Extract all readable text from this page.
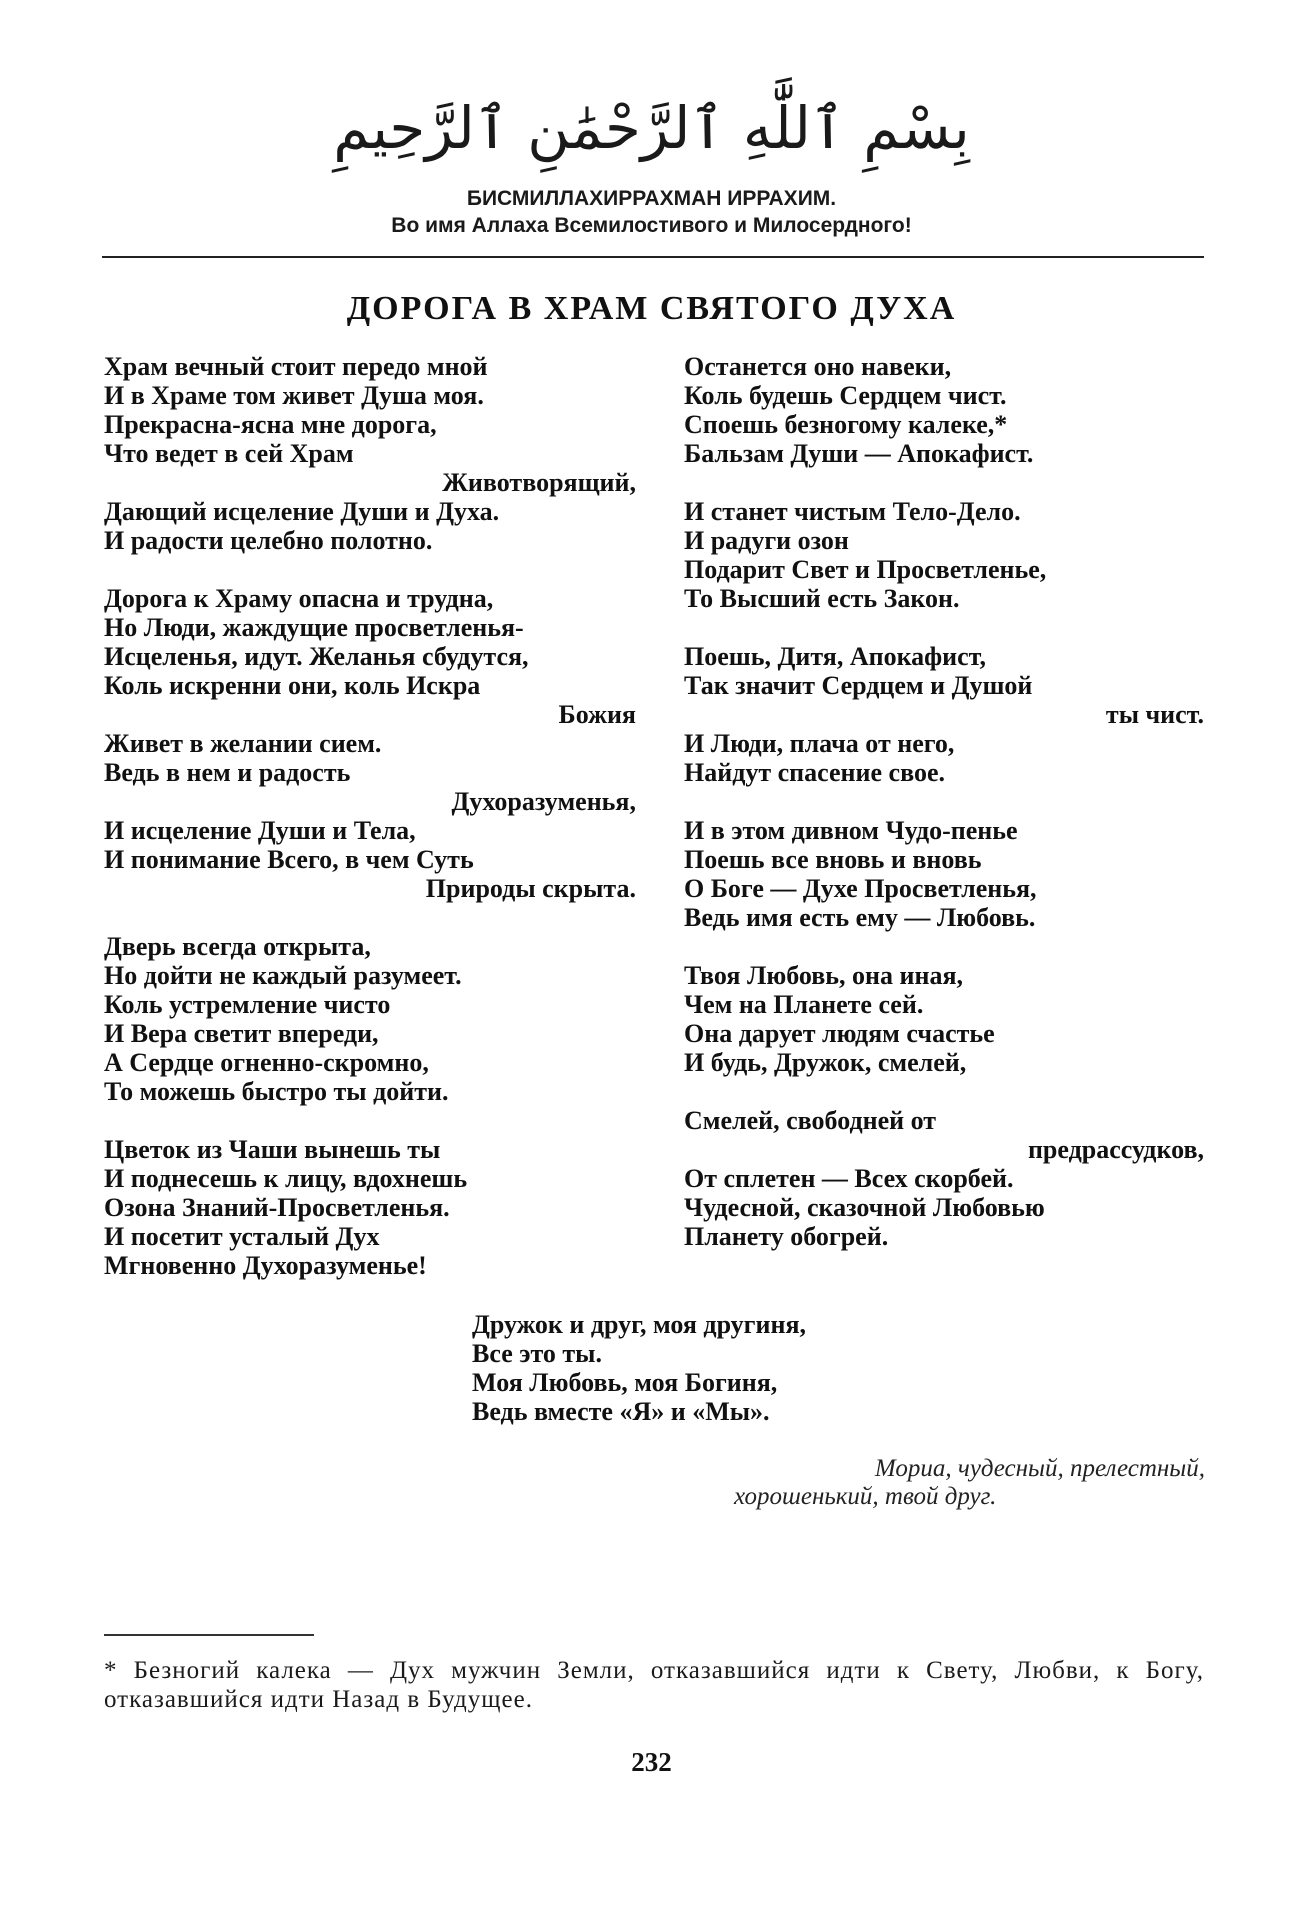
بِسْمِ ٱللَّٰهِ ٱلرَّحْمَٰنِ ٱلرَّحِيمِ
БИСМИЛЛАХИРРАХМАН ИРРАХИМ.
Во имя Аллаха Всемилостивого и Милосердного!
ДОРОГА В ХРАМ СВЯТОГО ДУХА
Храм вечный стоит передо мной
И в Храме том живет Душа моя.
Прекрасна-ясна мне дорога,
Что ведет в сей Храм
Животворящий,
Дающий исцеление Души и Духа.
И радости целебно полотно.
Дорога к Храму опасна и трудна,
Но Люди, жаждущие просветленья-
Исцеленья, идут. Желанья сбудутся,
Коль искренни они, коль Искра
Божия
Живет в желании сием.
Ведь в нем и радость
Духоразуменья,
И исцеление Души и Тела,
И понимание Всего, в чем Суть
Природы скрыта.
Дверь всегда открыта,
Но дойти не каждый разумеет.
Коль устремление чисто
И Вера светит впереди,
А Сердце огненно-скромно,
То можешь быстро ты дойти.
Цветок из Чаши вынешь ты
И поднесешь к лицу, вдохнешь
Озона Знаний-Просветленья.
И посетит усталый Дух
Мгновенно Духоразуменье!
Останется оно навеки,
Коль будешь Сердцем чист.
Споешь безногому калеке,*
Бальзам Души — Апокафист.
И станет чистым Тело-Дело.
И радуги озон
Подарит Свет и Просветленье,
То Высший есть Закон.
Поешь, Дитя, Апокафист,
Так значит Сердцем и Душой
ты чист.
И Люди, плача от него,
Найдут спасение свое.
И в этом дивном Чудо-пенье
Поешь все вновь и вновь
О Боге — Духе Просветленья,
Ведь имя есть ему — Любовь.
Твоя Любовь, она иная,
Чем на Планете сей.
Она дарует людям счастье
И будь, Дружок, смелей,
Смелей, свободней от
предрассудков,
От сплетен — Всех скорбей.
Чудесной, сказочной Любовью
Планету обогрей.
Дружок и друг, моя другиня,
Все это ты.
Моя Любовь, моя Богиня,
Ведь вместе «Я» и «Мы».
Мориа, чудесный, прелестный,
хорошенький, твой друг.
* Безногий калека — Дух мужчин Земли, отказавшийся идти к Свету, Любви, к Богу, отказавшийся идти Назад в Будущее.
232
